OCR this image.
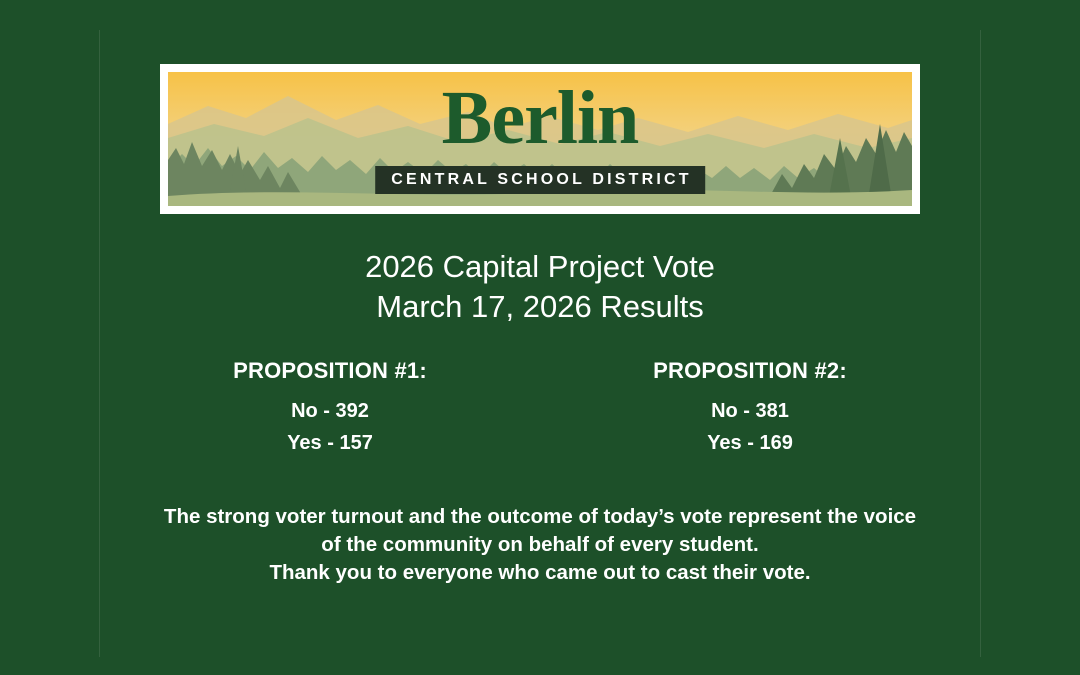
Berlin
CENTRAL SCHOOL DISTRICT
2026 Capital Project Vote
March 17, 2026 Results
PROPOSITION #1:
No - 392
Yes - 157
PROPOSITION #2:
No - 381
Yes - 169
The strong voter turnout and the outcome of today’s vote represent the voice
of the community on behalf of every student.
Thank you to everyone who came out to cast their vote.
